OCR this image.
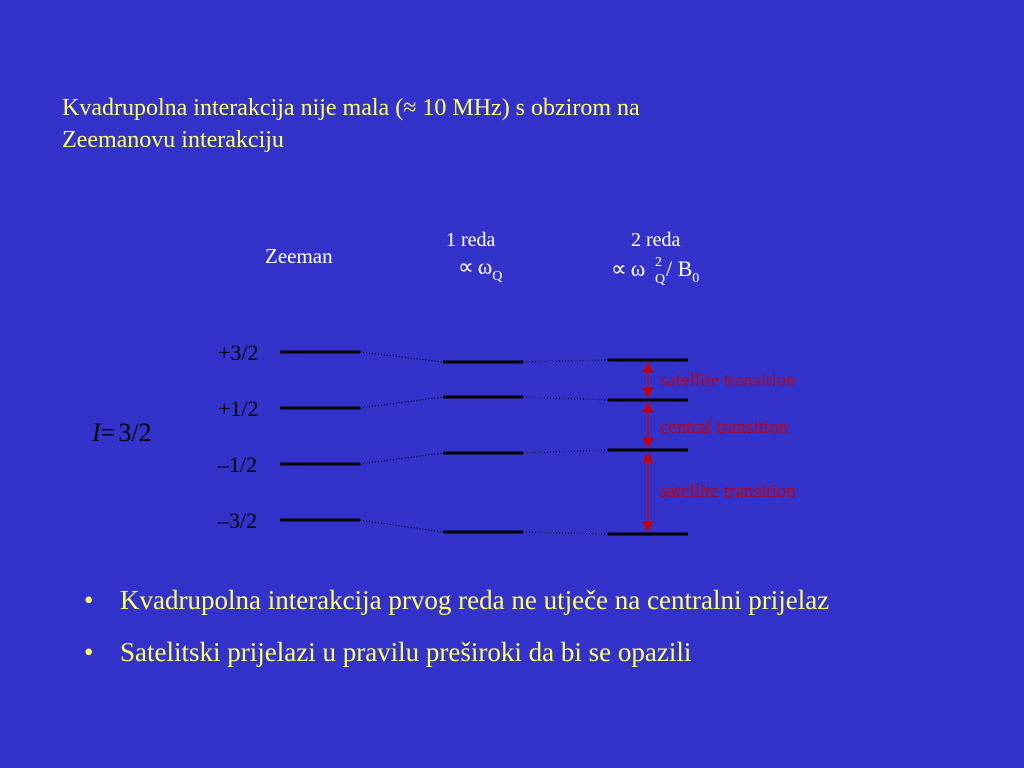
Kvadrupolna interakcija nije mala (≈ 10 MHz) s obzirom na
Zeemanovu interakciju
Zeeman
1 reda
∝ $\omega_Q$
2 reda
∝ ω 2
Q / $B_0$
I= 3/2
+3/2
+1/2
–1/2
–3/2
satellite transition
central transition
satellite transition
• Kvadrupolna interakcija prvog reda ne utječe na centralni prijelaz
• Satelitski prijelazi u pravilu preširoki da bi se opazili
